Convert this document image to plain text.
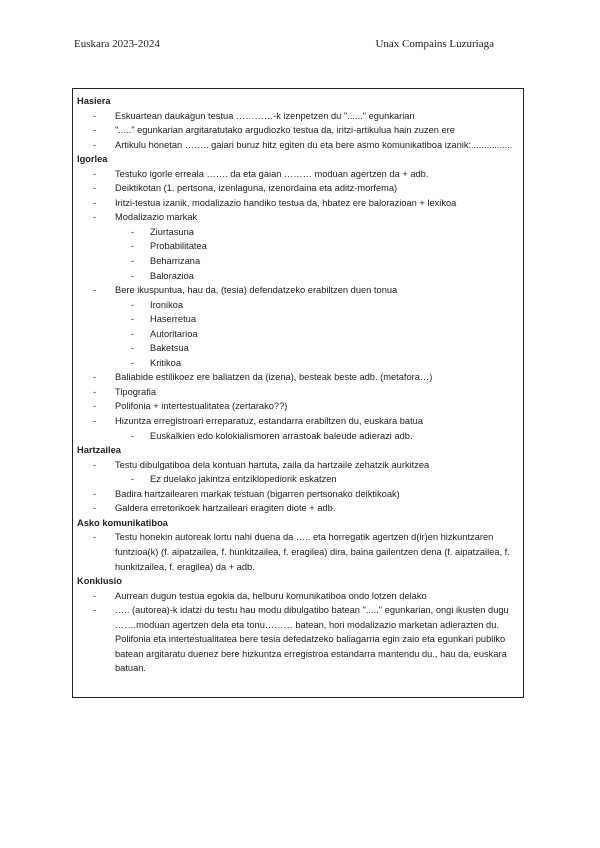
Euskara 2023-2024	Unax Compains Luzuriaga
Hasiera
- Eskuartean daukagun testua …………-k izenpetzen du "......" egunkarian
- "....." egunkarian argitaratutako argudiozko testua da, iritzi-artikulua hain zuzen ere
- Artikulu honetan …….. gaiari buruz hitz egiten du eta bere asmo komunikatiboa izanik:................
Igorlea
- Testuko igorle erreala ……. da eta gaian ……… moduan agertzen da + adb.
- Deiktikotan (1. pertsona, izenlaguna, izenordaina eta aditz-morfema)
- Iritzi-testua izanik, modalizazio handiko testua da, hbatez ere balorazioan + lexikoa
- Modalizazio markak
- Ziurtasuna
- Probabilitatea
- Beharrizana
- Balorazioa
- Bere ikuspuntua, hau da, (tesia) defendatzeko erabiltzen duen tonua
- Ironikoa
- Haserretua
- Autoritarioa
- Baketsua
- Kritikoa
- Baliabide estilikoez ere baliatzen da (izena), besteak beste adb. (metafora…)
- Tipografia
- Polifonia + intertestualitatea (zertarako??)
- Hizuntza erregistroari erreparatuz, estandarra erabiltzen du, euskara batua
- Euskalkien edo kolokialismoren arrastoak baleude adierazi adb.
Hartzailea
- Testu dibulgatiboa dela kontuan hartuta, zaila da hartzaile zehatzik aurkitzea
- Ez duelako jakintza entziklopediorik eskatzen
- Badira hartzailearen markak testuan (bigarren pertsonako deiktikoak)
- Galdera erretorikoek hartzaileari eragiten diote + adb.
Asko komunikatiboa
- Testu honekin autoreak lortu nahi duena da ….. eta horregatik agertzen d(ir)en hizkuntzaren funtzioa(k) (f. aipatzailea, f. hunkitzailea, f. eragilea) dira, baina gailentzen dena (f. aipatzailea, f. hunkitzailea, f. eragilea) da + adb.
Konklusio
- Aurrean dugun testua egokia da, helburu komunikatiboa ondo lotzen delako
- ….. (autorea)-k idatzi du testu hau modu dibulgatibo batean "....." egunkarian, ongi ikusten dugu …….moduan agertzen dela eta tonu……… batean, hori modalizazio marketan adierazten du. Polifonia eta intertestualitatea bere tesia defedatzeko baliagarria egin zaio eta egunkari publiko batean argitaratu duenez bere hizkuntza erregistroa estandarra mantendu du., hau da, euskara batuan.
